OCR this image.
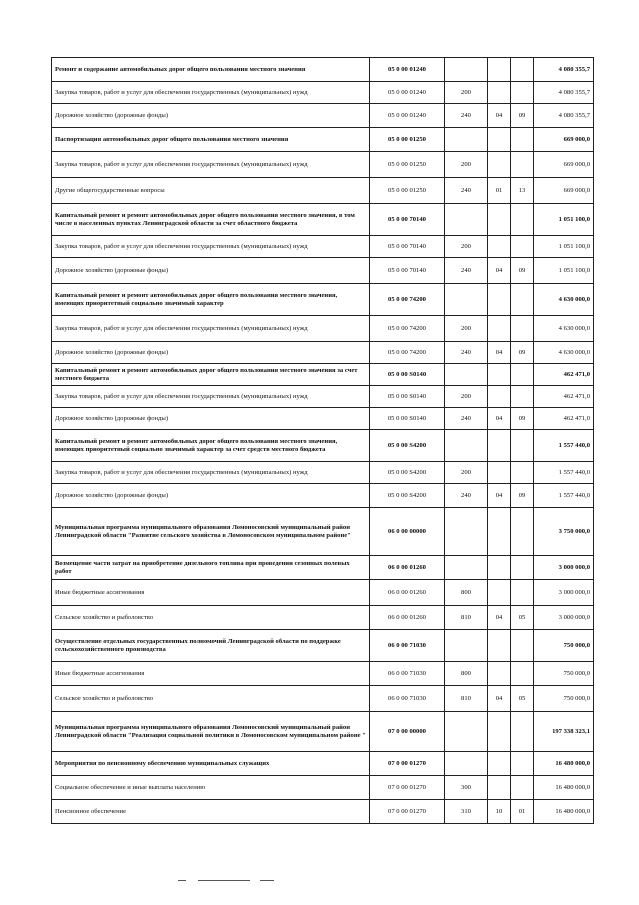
Ремонт и содержание автомобильных дорог общего пользования местного значения	05 0 00 01240				4 080 355,7
Закупка товаров, работ и услуг для обеспечения государственных (муниципальных) нужд	05 0 00 01240	200			4 080 355,7
Дорожное хозяйство (дорожные фонды)	05 0 00 01240	240	04	09	4 080 355,7
Паспортизация автомобильных дорог общего пользования местного значения	05 0 00 01250				669 000,0
Закупка товаров, работ и услуг для обеспечения государственных (муниципальных) нужд	05 0 00 01250	200			669 000,0
Другие общегосударственные вопросы	05 0 00 01250	240	01	13	669 000,0
Капитальный ремонт и ремонт автомобильных дорог общего пользования местного значения, в том числе в населенных пунктах Ленинградской области за счет областного бюджета	05 0 00 70140				1 051 100,0
Закупка товаров, работ и услуг для обеспечения государственных (муниципальных) нужд	05 0 00 70140	200			1 051 100,0
Дорожное хозяйство (дорожные фонды)	05 0 00 70140	240	04	09	1 051 100,0
Капитальный ремонт и ремонт автомобильных дорог общего пользования местного значения, имеющих приоритетный социально значимый характер	05 0 00 74200				4 630 000,0
Закупка товаров, работ и услуг для обеспечения государственных (муниципальных) нужд	05 0 00 74200	200			4 630 000,0
Дорожное хозяйство (дорожные фонды)	05 0 00 74200	240	04	09	4 630 000,0
Капитальный ремонт и ремонт автомобильных дорог общего пользования местного значения за счет местного бюджета	05 0 00 S0140				462 471,0
Закупка товаров, работ и услуг для обеспечения государственных (муниципальных) нужд	05 0 00 S0140	200			462 471,0
Дорожное хозяйство (дорожные фонды)	05 0 00 S0140	240	04	09	462 471,0
Капитальный ремонт и ремонт автомобильных дорог общего пользования местного значения, имеющих приоритетный социально значимый характер за счет средств местного бюджета	05 0 00 S4200				1 557 440,0
Закупка товаров, работ и услуг для обеспечения государственных (муниципальных) нужд	05 0 00 S4200	200			1 557 440,0
Дорожное хозяйство (дорожные фонды)	05 0 00 S4200	240	04	09	1 557 440,0
Муниципальная программа муниципального образования Ломоносовский муниципальный район Ленинградской области "Развитие сельского хозяйства в Ломоносовском муниципальном районе"	06 0 00 00000				3 750 000,0
Возмещение части затрат на приобретение дизельного топлива при проведении сезонных полевых работ	06 0 00 01260				3 000 000,0
Иные бюджетные ассигнования	06 0 00 01260	800			3 000 000,0
Сельское хозяйство и рыболовство	06 0 00 01260	810	04	05	3 000 000,0
Осуществление отдельных государственных полномочий Ленинградской области по поддержке сельскохозяйственного производства	06 0 00 71030				750 000,0
Иные бюджетные ассигнования	06 0 00 71030	800			750 000,0
Сельское хозяйство и рыболовство	06 0 00 71030	810	04	05	750 000,0
Муниципальная программа муниципального образования Ломоносовский муниципальный район Ленинградской области "Реализация социальной политики в Ломоносовском муниципальном районе "	07 0 00 00000				197 338 323,1
Мероприятия по пенсионному обеспечению муниципальных служащих	07 0 00 01270				16 480 000,0
Социальное обеспечение и иные выплаты населению	07 0 00 01270	300			16 480 000,0
Пенсионное обеспечение	07 0 00 01270	310	10	01	16 480 000,0
